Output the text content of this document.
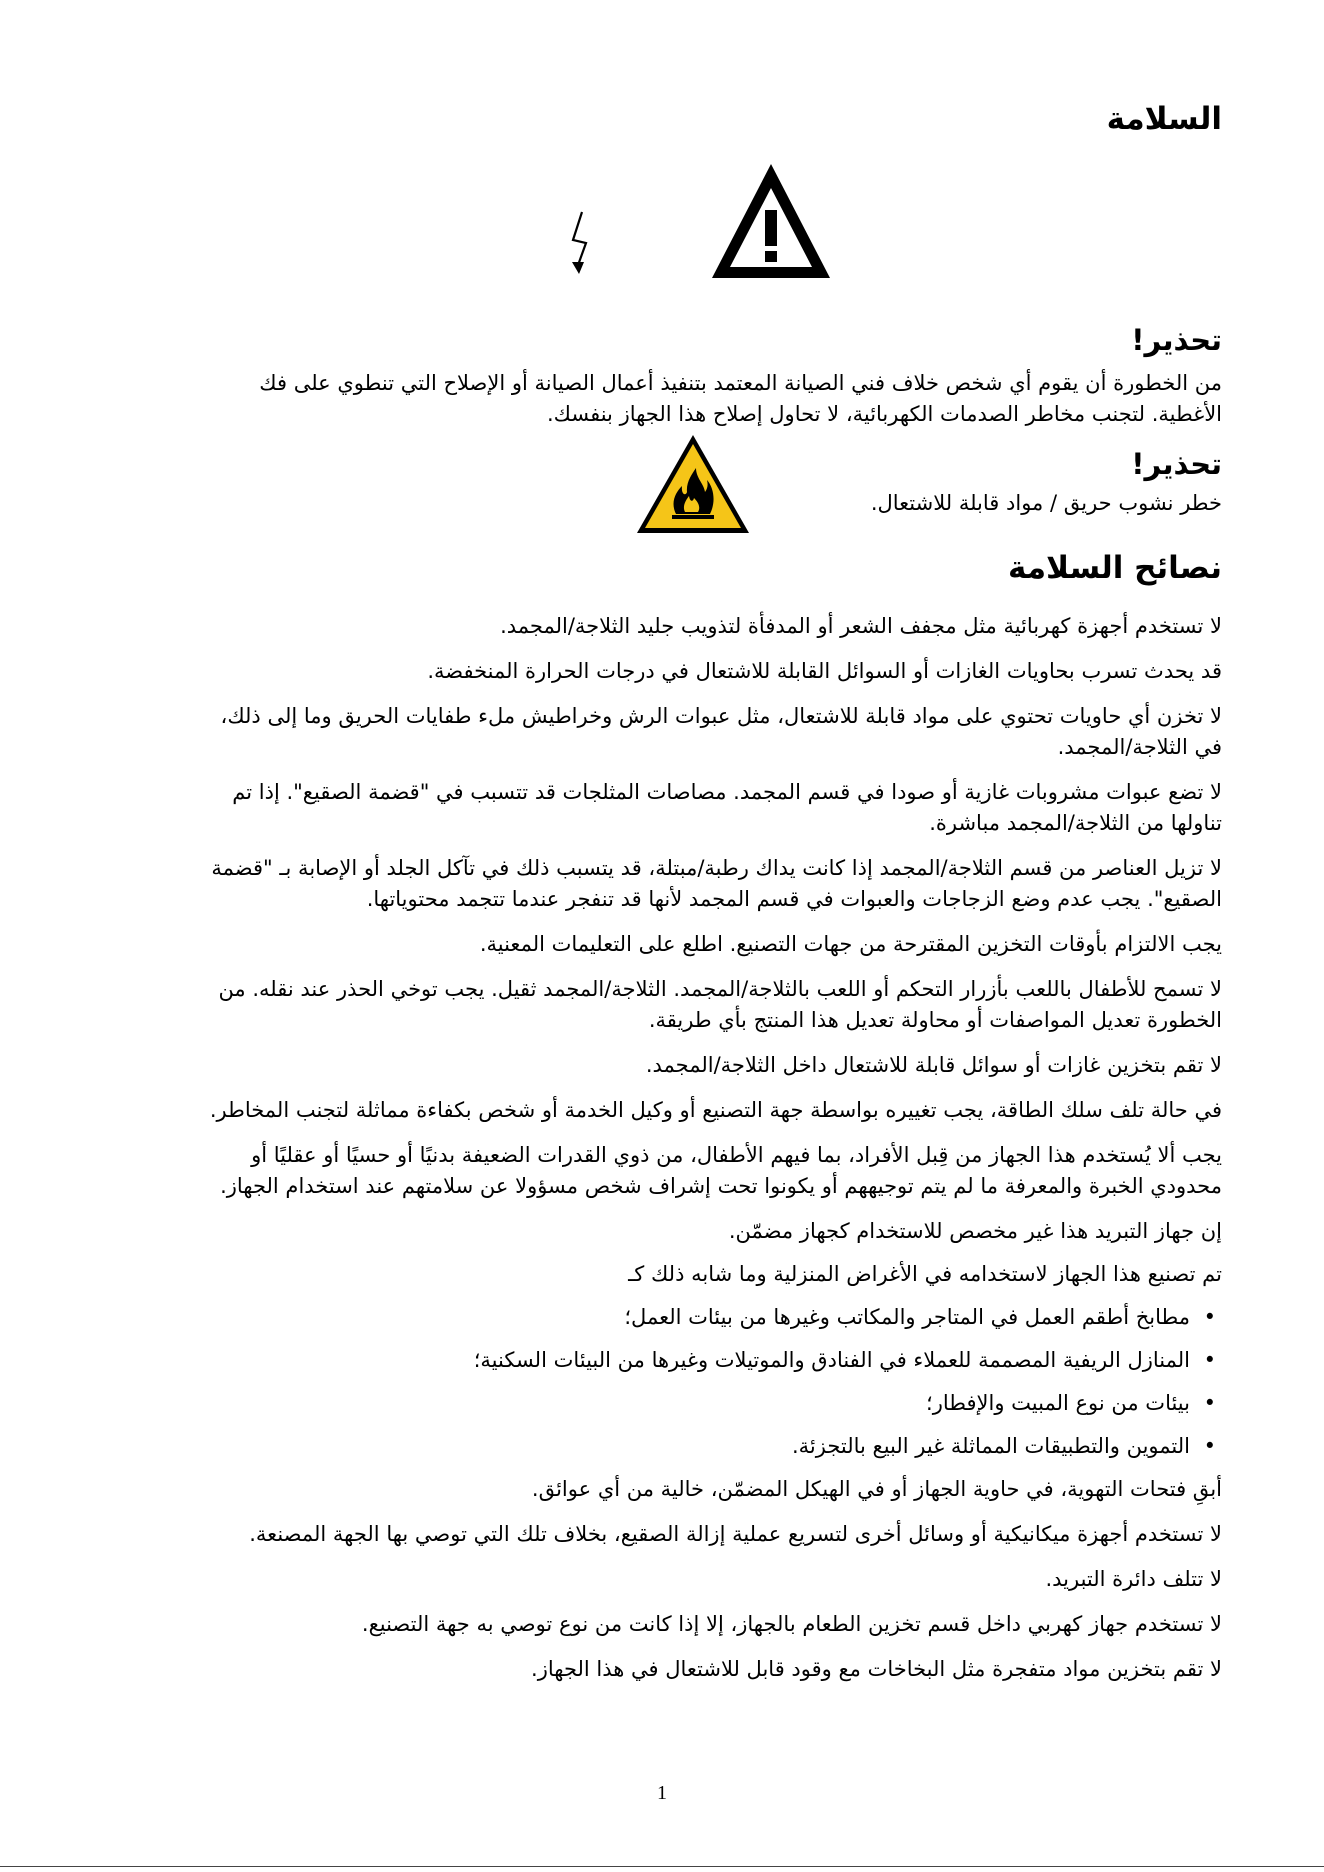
السلامة
تحذير!

من الخطورة أن يقوم أي شخص خلاف فني الصيانة المعتمد بتنفيذ أعمال الصيانة أو الإصلاح التي تنطوي على فك الأغطية. لتجنب مخاطر الصدمات الكهربائية، لا تحاول إصلاح هذا الجهاز بنفسك.

تحذير!

خطر نشوب حريق / مواد قابلة للاشتعال.

نصائح السلامة

لا تستخدم أجهزة كهربائية مثل مجفف الشعر أو المدفأة لتذويب جليد الثلاجة/المجمد.

قد يحدث تسرب بحاويات الغازات أو السوائل القابلة للاشتعال في درجات الحرارة المنخفضة.

لا تخزن أي حاويات تحتوي على مواد قابلة للاشتعال، مثل عبوات الرش وخراطيش ملء طفايات الحريق وما إلى ذلك، في الثلاجة/المجمد.

لا تضع عبوات مشروبات غازية أو صودا في قسم المجمد. مصاصات المثلجات قد تتسبب في "قضمة الصقيع". إذا تم تناولها من الثلاجة/المجمد مباشرة.

لا تزيل العناصر من قسم الثلاجة/المجمد إذا كانت يداك رطبة/مبتلة، قد يتسبب ذلك في تآكل الجلد أو الإصابة بـ "قضمة الصقيع". يجب عدم وضع الزجاجات والعبوات في قسم المجمد لأنها قد تنفجر عندما تتجمد محتوياتها.

يجب الالتزام بأوقات التخزين المقترحة من جهات التصنيع. اطلع على التعليمات المعنية.

لا تسمح للأطفال باللعب بأزرار التحكم أو اللعب بالثلاجة/المجمد. الثلاجة/المجمد ثقيل. يجب توخي الحذر عند نقله. من الخطورة تعديل المواصفات أو محاولة تعديل هذا المنتج بأي طريقة.

لا تقم بتخزين غازات أو سوائل قابلة للاشتعال داخل الثلاجة/المجمد.

في حالة تلف سلك الطاقة، يجب تغييره بواسطة جهة التصنيع أو وكيل الخدمة أو شخص بكفاءة مماثلة لتجنب المخاطر.

يجب ألا يُستخدم هذا الجهاز من قِبل الأفراد، بما فيهم الأطفال، من ذوي القدرات الضعيفة بدنيًا أو حسيًا أو عقليًا أو محدودي الخبرة والمعرفة ما لم يتم توجيههم أو يكونوا تحت إشراف شخص مسؤولا عن سلامتهم عند استخدام الجهاز.

إن جهاز التبريد هذا غير مخصص للاستخدام كجهاز مضمّن.

تم تصنيع هذا الجهاز لاستخدامه في الأغراض المنزلية وما شابه ذلك كـ

•
مطابخ أطقم العمل في المتاجر والمكاتب وغيرها من بيئات العمل؛
•
المنازل الريفية المصممة للعملاء في الفنادق والموتيلات وغيرها من البيئات السكنية؛
•
بيئات من نوع المبيت والإفطار؛
•
التموين والتطبيقات المماثلة غير البيع بالتجزئة.

أبقِ فتحات التهوية، في حاوية الجهاز أو في الهيكل المضمّن، خالية من أي عوائق.

لا تستخدم أجهزة ميكانيكية أو وسائل أخرى لتسريع عملية إزالة الصقيع، بخلاف تلك التي توصي بها الجهة المصنعة.

لا تتلف دائرة التبريد.

لا تستخدم جهاز كهربي داخل قسم تخزين الطعام بالجهاز، إلا إذا كانت من نوع توصي به جهة التصنيع.

لا تقم بتخزين مواد متفجرة مثل البخاخات مع وقود قابل للاشتعال في هذا الجهاز.

1
